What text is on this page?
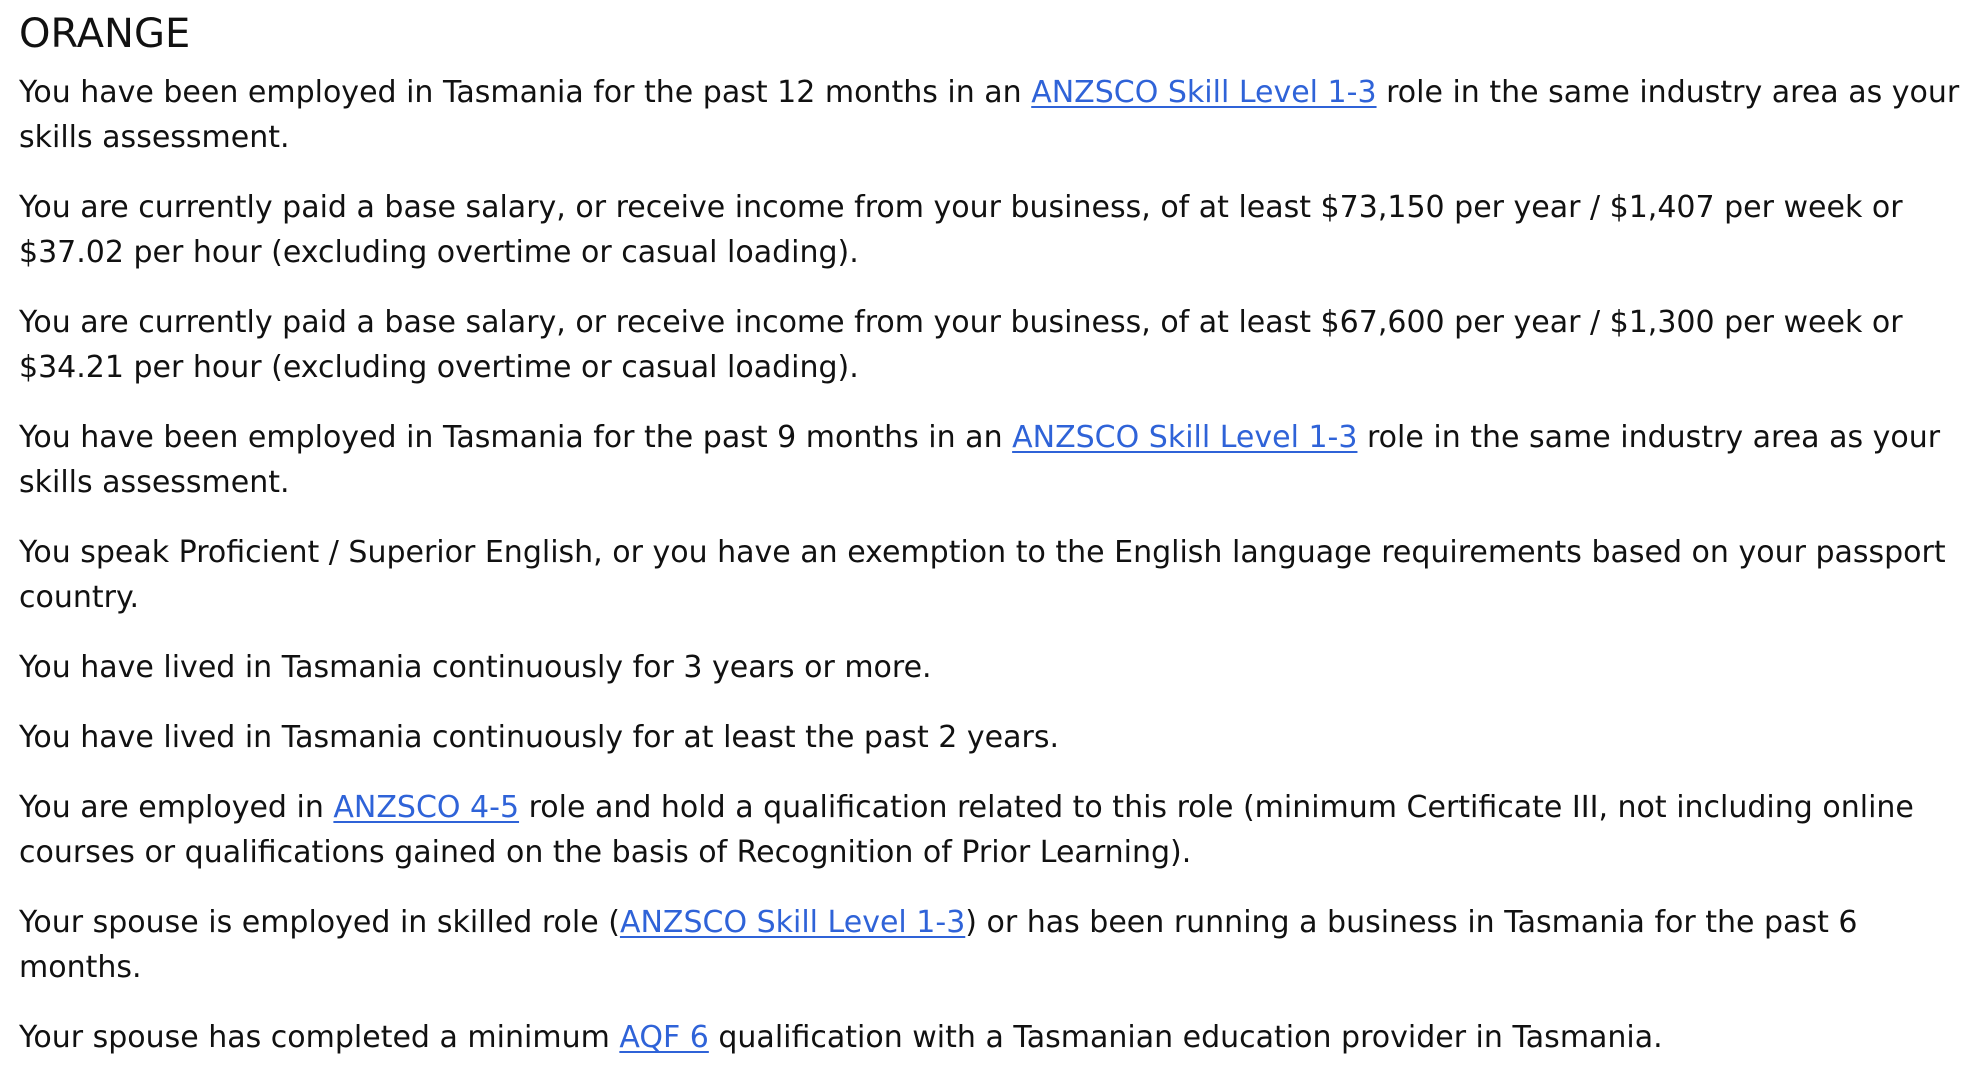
ORANGE

You have been employed in Tasmania for the past 12 months in an ANZSCO Skill Level 1-3 role in the same industry area as your skills assessment.

You are currently paid a base salary, or receive income from your business, of at least $73,150 per year / $1,407 per week or $37.02 per hour (excluding overtime or casual loading).

You are currently paid a base salary, or receive income from your business, of at least $67,600 per year / $1,300 per week or $34.21 per hour (excluding overtime or casual loading).

You have been employed in Tasmania for the past 9 months in an ANZSCO Skill Level 1-3 role in the same industry area as your skills assessment.

You speak Proficient / Superior English, or you have an exemption to the English language requirements based on your passport country.

You have lived in Tasmania continuously for 3 years or more.

You have lived in Tasmania continuously for at least the past 2 years.

You are employed in ANZSCO 4-5 role and hold a qualification related to this role (minimum Certificate III, not including online courses or qualifications gained on the basis of Recognition of Prior Learning).

Your spouse is employed in skilled role (ANZSCO Skill Level 1-3) or has been running a business in Tasmania for the past 6 months.

Your spouse has completed a minimum AQF 6 qualification with a Tasmanian education provider in Tasmania.
